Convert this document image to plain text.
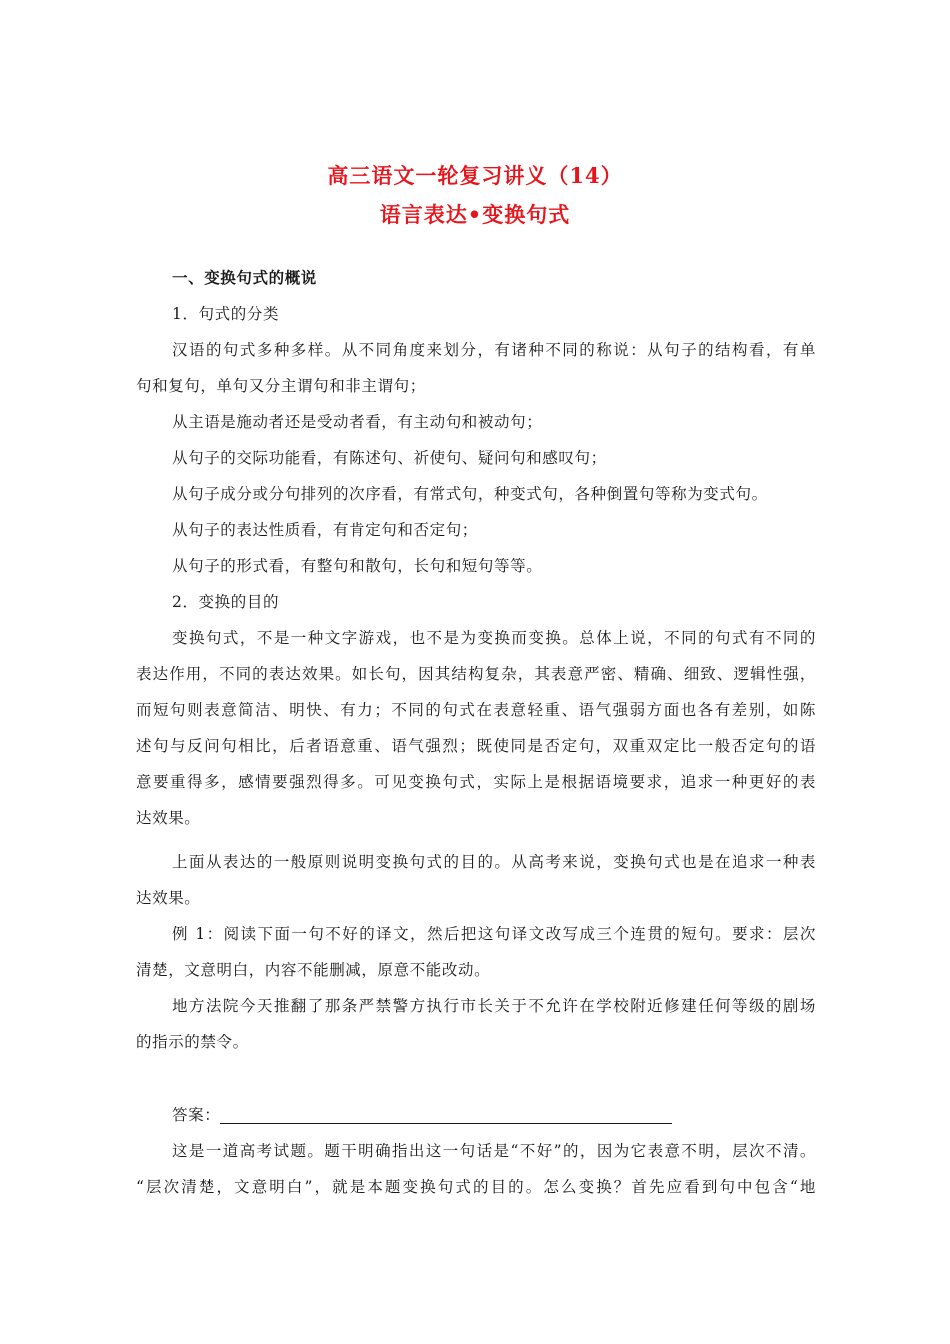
高三语文一轮复习讲义（14）
语言表达•变换句式
一、变换句式的概说
1．句式的分类
汉语的句式多种多样。从不同角度来划分，有诸种不同的称说：从句子的结构看，有单
句和复句，单句又分主谓句和非主谓句；
从主语是施动者还是受动者看，有主动句和被动句；
从句子的交际功能看，有陈述句、祈使句、疑问句和感叹句；
从句子成分或分句排列的次序看，有常式句，种变式句，各种倒置句等称为变式句。
从句子的表达性质看，有肯定句和否定句；
从句子的形式看，有整句和散句，长句和短句等等。
2．变换的目的
变换句式，不是一种文字游戏，也不是为变换而变换。总体上说，不同的句式有不同的
表达作用，不同的表达效果。如长句，因其结构复杂，其表意严密、精确、细致、逻辑性强，
而短句则表意简洁、明快、有力；不同的句式在表意轻重、语气强弱方面也各有差别，如陈
述句与反问句相比，后者语意重、语气强烈；既使同是否定句，双重双定比一般否定句的语
意要重得多，感情要强烈得多。可见变换句式，实际上是根据语境要求，追求一种更好的表
达效果。
上面从表达的一般原则说明变换句式的目的。从高考来说，变换句式也是在追求一种表
达效果。
例 1：阅读下面一句不好的译文，然后把这句译文改写成三个连贯的短句。要求：层次
清楚，文意明白，内容不能删减，原意不能改动。
地方法院今天推翻了那条严禁警方执行市长关于不允许在学校附近修建任何等级的剧场
的指示的禁令。
答案：
这是一道高考试题。题干明确指出这一句话是“不好”的，因为它表意不明，层次不清。
“层次清楚，文意明白”，就是本题变换句式的目的。怎么变换？首先应看到句中包含“地
